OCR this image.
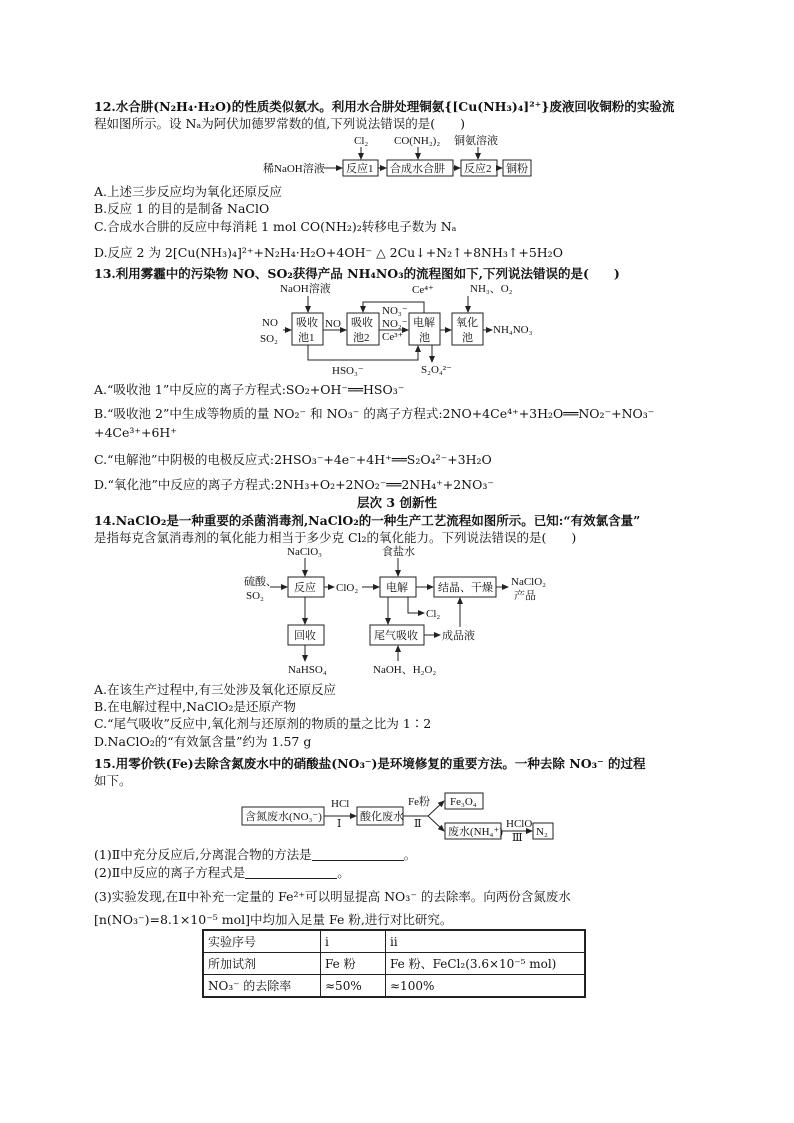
12.水合肼(N₂H₄·H₂O)的性质类似氨水。利用水合肼处理铜氨{[Cu(NH₃)₄]²⁺}废液回收铜粉的实验流
程如图所示。设 Nₐ为阿伏加德罗常数的值,下列说法错误的是(　　)
稀NaOH溶液 反应1 合成水合肼 反应2 铜粉
Cl₂ CO(NH₂)₂ 铜氨溶液
A.上述三步反应均为氧化还原反应
B.反应 1 的目的是制备 NaClO
C.合成水合肼的反应中每消耗 1 mol CO(NH₂)₂转移电子数为 Nₐ
D.反应 2 为 2[Cu(NH₃)₄]²⁺+N₂H₄·H₂O+4OH⁻ △ 2Cu↓+N₂↑+8NH₃↑+5H₂O
13.利用雾霾中的污染物 NO、SO₂获得产品 NH₄NO₃的流程图如下,下列说法错误的是(　　)
NO
SO₂
NaOH溶液
吸收
池1
NO 吸收
池2
NO₃⁻
NO₂⁻
Ce³⁺
电解
池
氧化
池
NH₃、O₂
NH₄NO₃
Ce⁴⁺
HSO₃⁻	S₂O₄²⁻
A.“吸收池 1”中反应的离子方程式:SO₂+OH⁻══HSO₃⁻
B.“吸收池 2”中生成等物质的量 NO₂⁻ 和 NO₃⁻ 的离子方程式:2NO+4Ce⁴⁺+3H₂O══NO₂⁻+NO₃⁻
+4Ce³⁺+6H⁺
C.“电解池”中阴极的电极反应式:2HSO₃⁻+4e⁻+4H⁺══S₂O₄²⁻+3H₂O
D.“氧化池”中反应的离子方程式:2NH₃+O₂+2NO₂⁻══2NH₄⁺+2NO₃⁻
层次 3 创新性
14.NaClO₂是一种重要的杀菌消毒剂,NaClO₂的一种生产工艺流程如图所示。已知:“有效氯含量”
是指每克含氯消毒剂的氧化能力相当于多少克 Cl₂的氧化能力。下列说法错误的是(　　)
NaClO₃
硫酸、
SO₂
反应 ClO₂	电解
食盐水
结晶、干燥 NaClO₂
产品
Cl₂
回收
NaHSO₄
尾气吸收
NaOH、H₂O₂
成品液
A.在该生产过程中,有三处涉及氧化还原反应
B.在电解过程中,NaClO₂是还原产物
C.“尾气吸收”反应中,氧化剂与还原剂的物质的量之比为 1∶2
D.NaClO₂的“有效氯含量”约为 1.57 g
15.用零价铁(Fe)去除含氮废水中的硝酸盐(NO₃⁻)是环境修复的重要方法。一种去除 NO₃⁻ 的过程
如下。
含氮废水(NO₃⁻)
HCl
Ⅰ
酸化废水
Fe粉
Ⅱ
Fe₃O₄
废水(NH₄⁺)
HClO
Ⅲ N₂
(1)Ⅱ中充分反应后,分离混合物的方法是	。
(2)Ⅱ中反应的离子方程式是	。
(3)实验发现,在Ⅱ中补充一定量的 Fe²⁺可以明显提高 NO₃⁻ 的去除率。向两份含氮废水
[n(NO₃⁻)=8.1×10⁻⁵ mol]中均加入足量 Fe 粉,进行对比研究。
实验序号	ⅰ	ⅱ
所加试剂	Fe 粉	Fe 粉、FeCl₂(3.6×10⁻⁵ mol)
NO₃⁻ 的去除率	≈50%	≈100%
